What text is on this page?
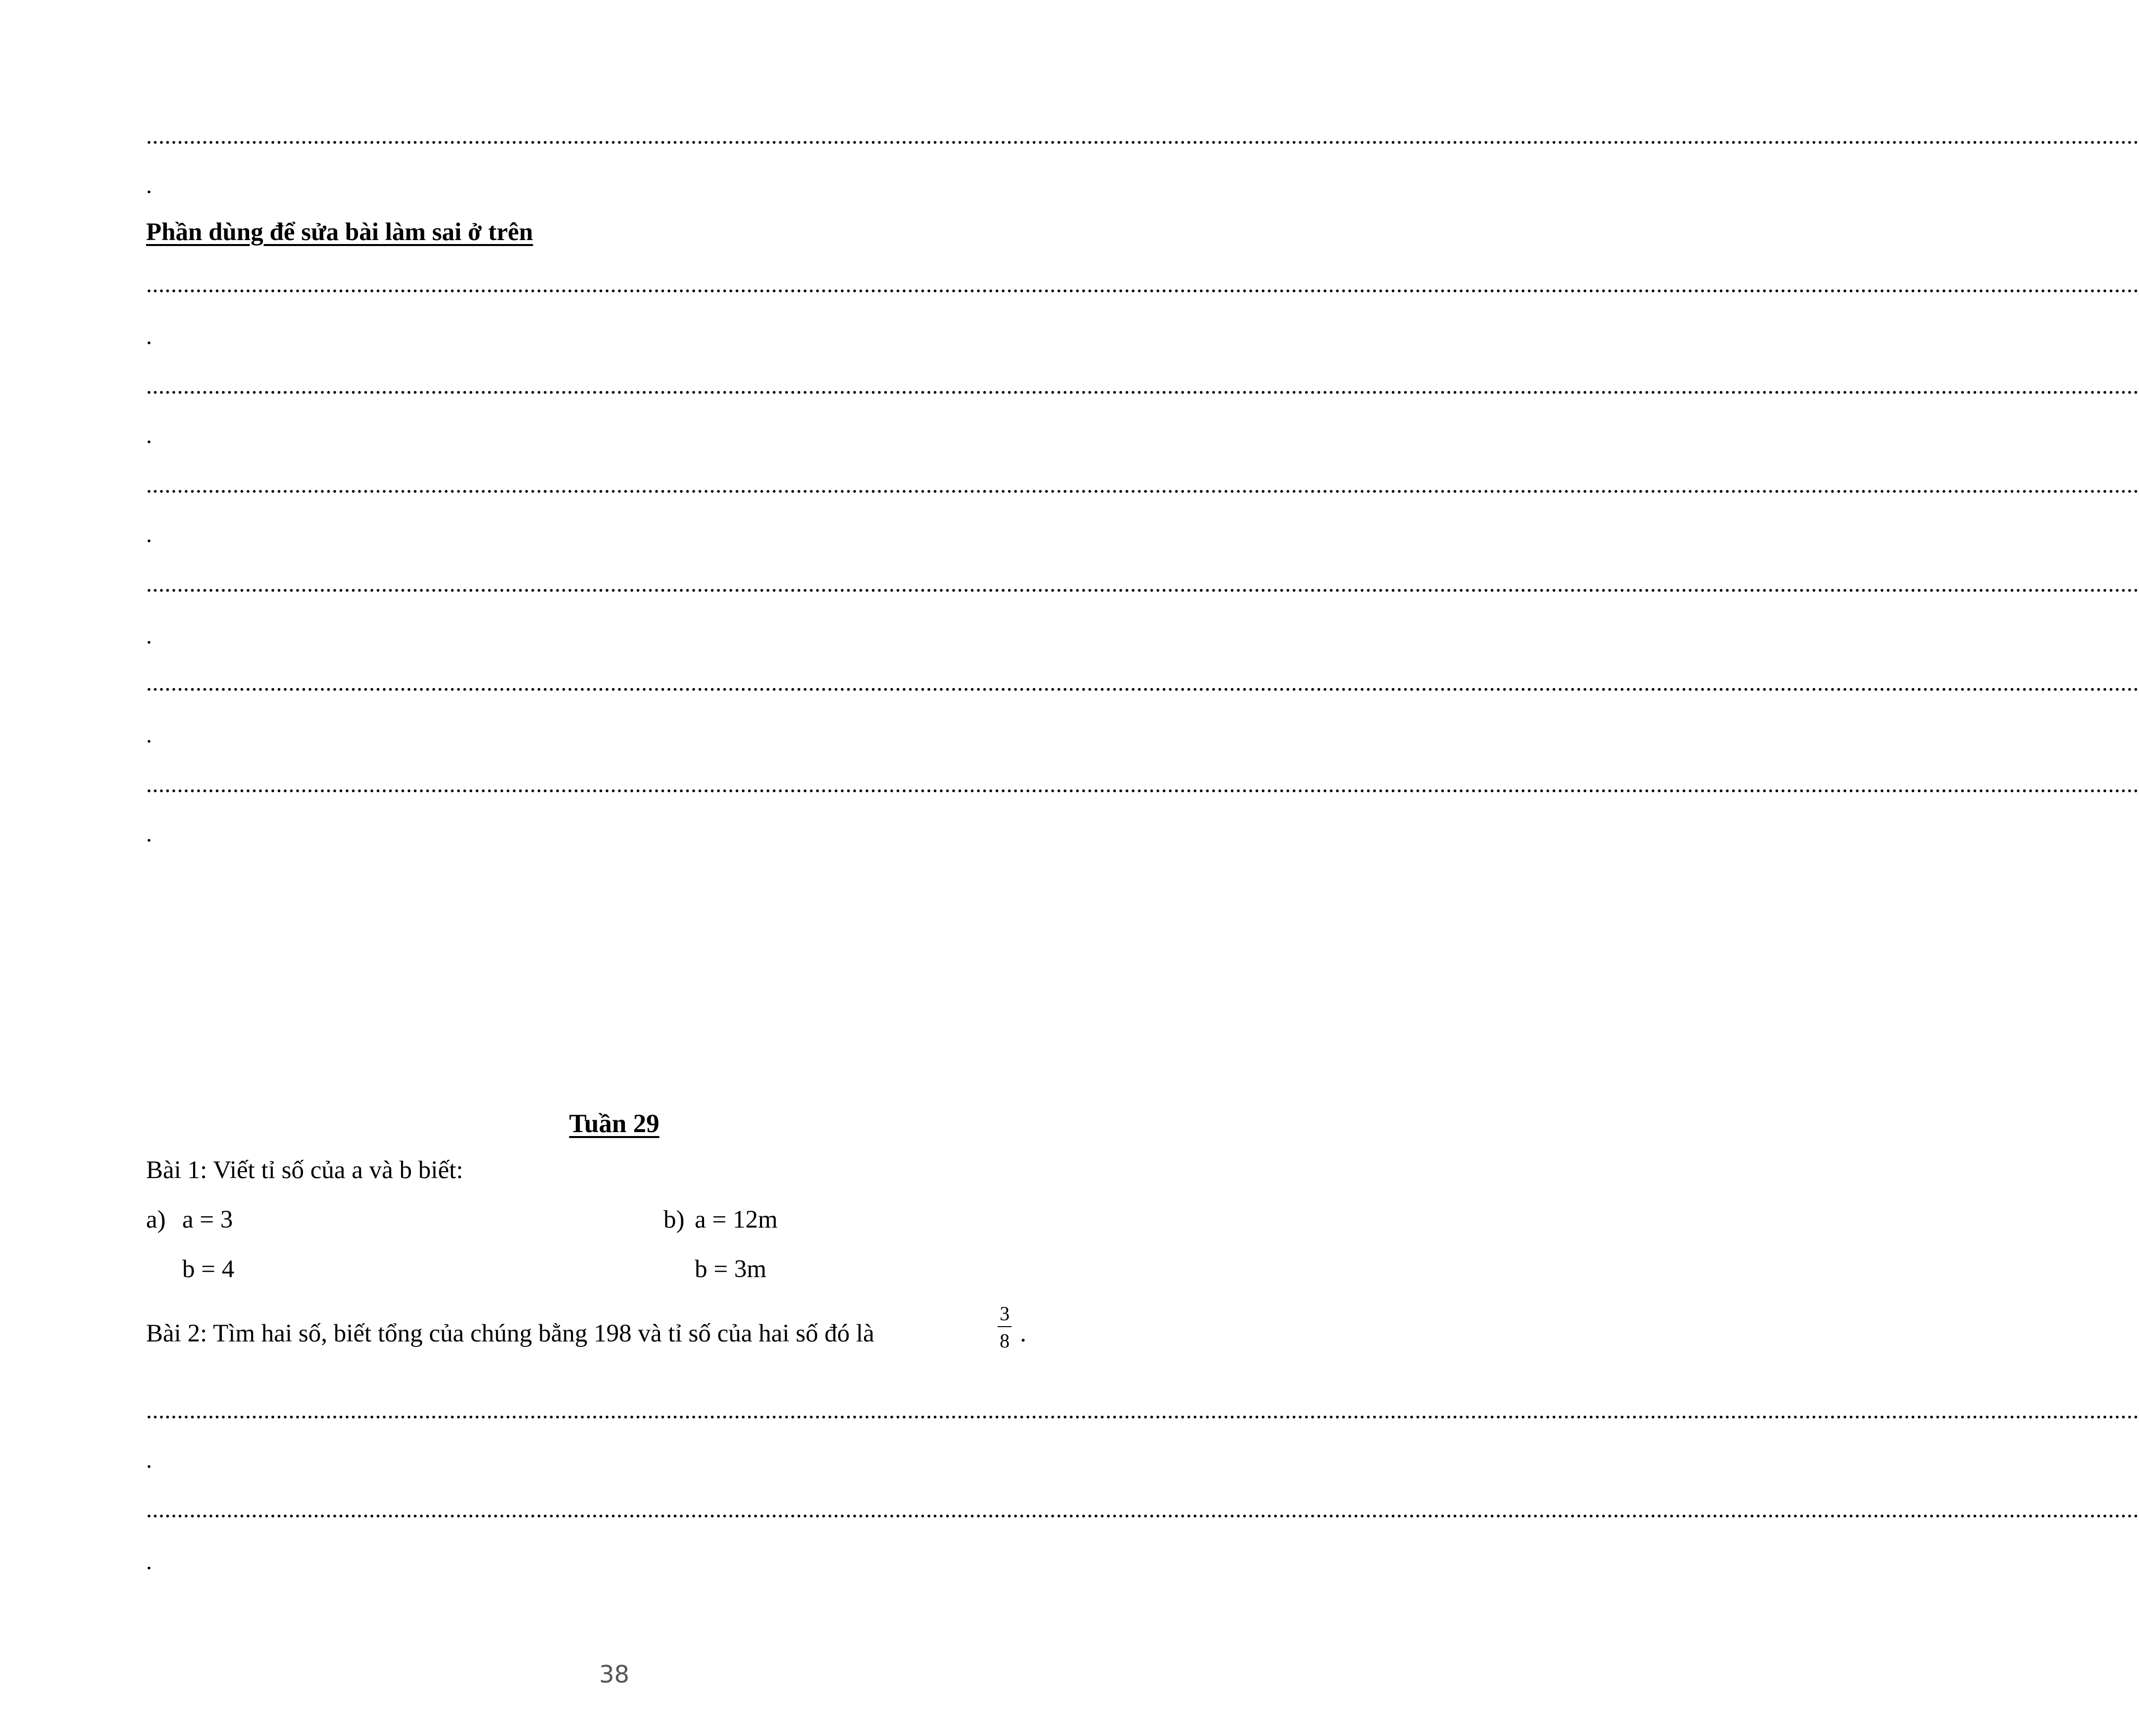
..................................................................................................................................................................................................................................................................................................................................
.
Phần dùng để sửa bài làm sai ở trên
..................................................................................................................................................................................................................................................................................................................................
.
..................................................................................................................................................................................................................................................................................................................................
.
..................................................................................................................................................................................................................................................................................................................................
.
..................................................................................................................................................................................................................................................................................................................................
.
..................................................................................................................................................................................................................................................................................................................................
.
..................................................................................................................................................................................................................................................................................................................................
.
Tuần 29
Bài 1: Viết tỉ số của a và b biết:
a) a = 3
b = 4
b) a = 12m
b = 3m
Bài 2: Tìm hai số, biết tổng của chúng bằng 198 và tỉ số của hai số đó là
3
8 .
..................................................................................................................................................................................................................................................................................................................................
.
..................................................................................................................................................................................................................................................................................................................................
.
38
